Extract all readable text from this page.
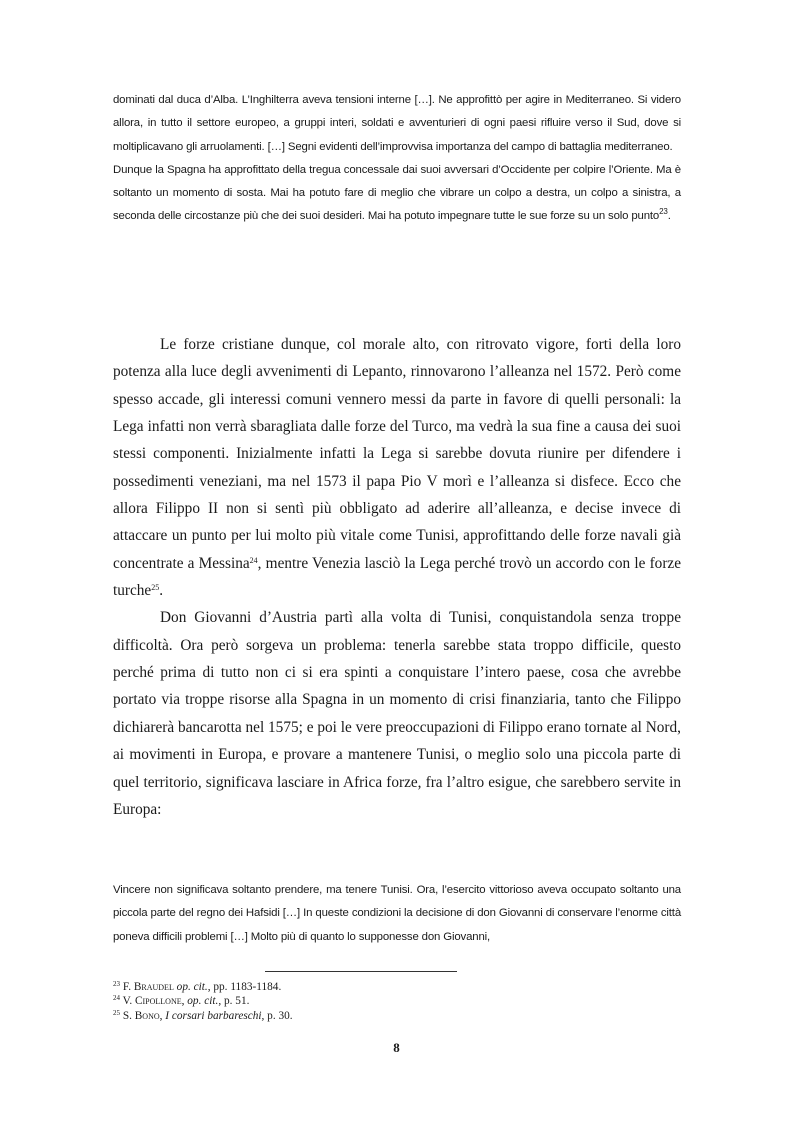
dominati dal duca d’Alba. L’Inghilterra aveva tensioni interne […]. Ne approfittò per agire in Mediterraneo. Si videro allora, in tutto il settore europeo, a gruppi interi, soldati e avventurieri di ogni paesi rifluire verso il Sud, dove si moltiplicavano gli arruolamenti. […] Segni evidenti dell’improvvisa importanza del campo di battaglia mediterraneo.

Dunque la Spagna ha approfittato della tregua concessale dai suoi avversari d’Occidente per colpire l’Oriente. Ma è soltanto un momento di sosta. Mai ha potuto fare di meglio che vibrare un colpo a destra, un colpo a sinistra, a seconda delle circostanze più che dei suoi desideri. Mai ha potuto impegnare tutte le sue forze su un solo punto$^{23}$.

Le forze cristiane dunque, col morale alto, con ritrovato vigore, forti della loro potenza alla luce degli avvenimenti di Lepanto, rinnovarono l’alleanza nel 1572. Però come spesso accade, gli interessi comuni vennero messi da parte in favore di quelli personali: la Lega infatti non verrà sbaragliata dalle forze del Turco, ma vedrà la sua fine a causa dei suoi stessi componenti. Inizialmente infatti la Lega si sarebbe dovuta riunire per difendere i possedimenti veneziani, ma nel 1573 il papa Pio V morì e l’alleanza si disfece. Ecco che allora Filippo II non si sentì più obbligato ad aderire all’alleanza, e decise invece di attaccare un punto per lui molto più vitale come Tunisi, approfittando delle forze navali già concentrate a Messina$^{24}$, mentre Venezia lasciò la Lega perché trovò un accordo con le forze turche$^{25}$.

Don Giovanni d’Austria partì alla volta di Tunisi, conquistandola senza troppe difficoltà. Ora però sorgeva un problema: tenerla sarebbe stata troppo difficile, questo perché prima di tutto non ci si era spinti a conquistare l’intero paese, cosa che avrebbe portato via troppe risorse alla Spagna in un momento di crisi finanziaria, tanto che Filippo dichiarerà bancarotta nel 1575; e poi le vere preoccupazioni di Filippo erano tornate al Nord, ai movimenti in Europa, e provare a mantenere Tunisi, o meglio solo una piccola parte di quel territorio, significava lasciare in Africa forze, fra l’altro esigue, che sarebbero servite in Europa:

Vincere non significava soltanto prendere, ma tenere Tunisi. Ora, l’esercito vittorioso aveva occupato soltanto una piccola parte del regno dei Hafsidi […] In queste condizioni la decisione di don Giovanni di conservare l’enorme città poneva difficili problemi […] Molto più di quanto lo supponesse don Giovanni,

$^{23}$ F. Braudel op. cit., pp. 1183-1184.
$^{24}$ V. Cipollone, op. cit., p. 51.
$^{25}$ S. Bono, I corsari barbareschi, p. 30.
8
